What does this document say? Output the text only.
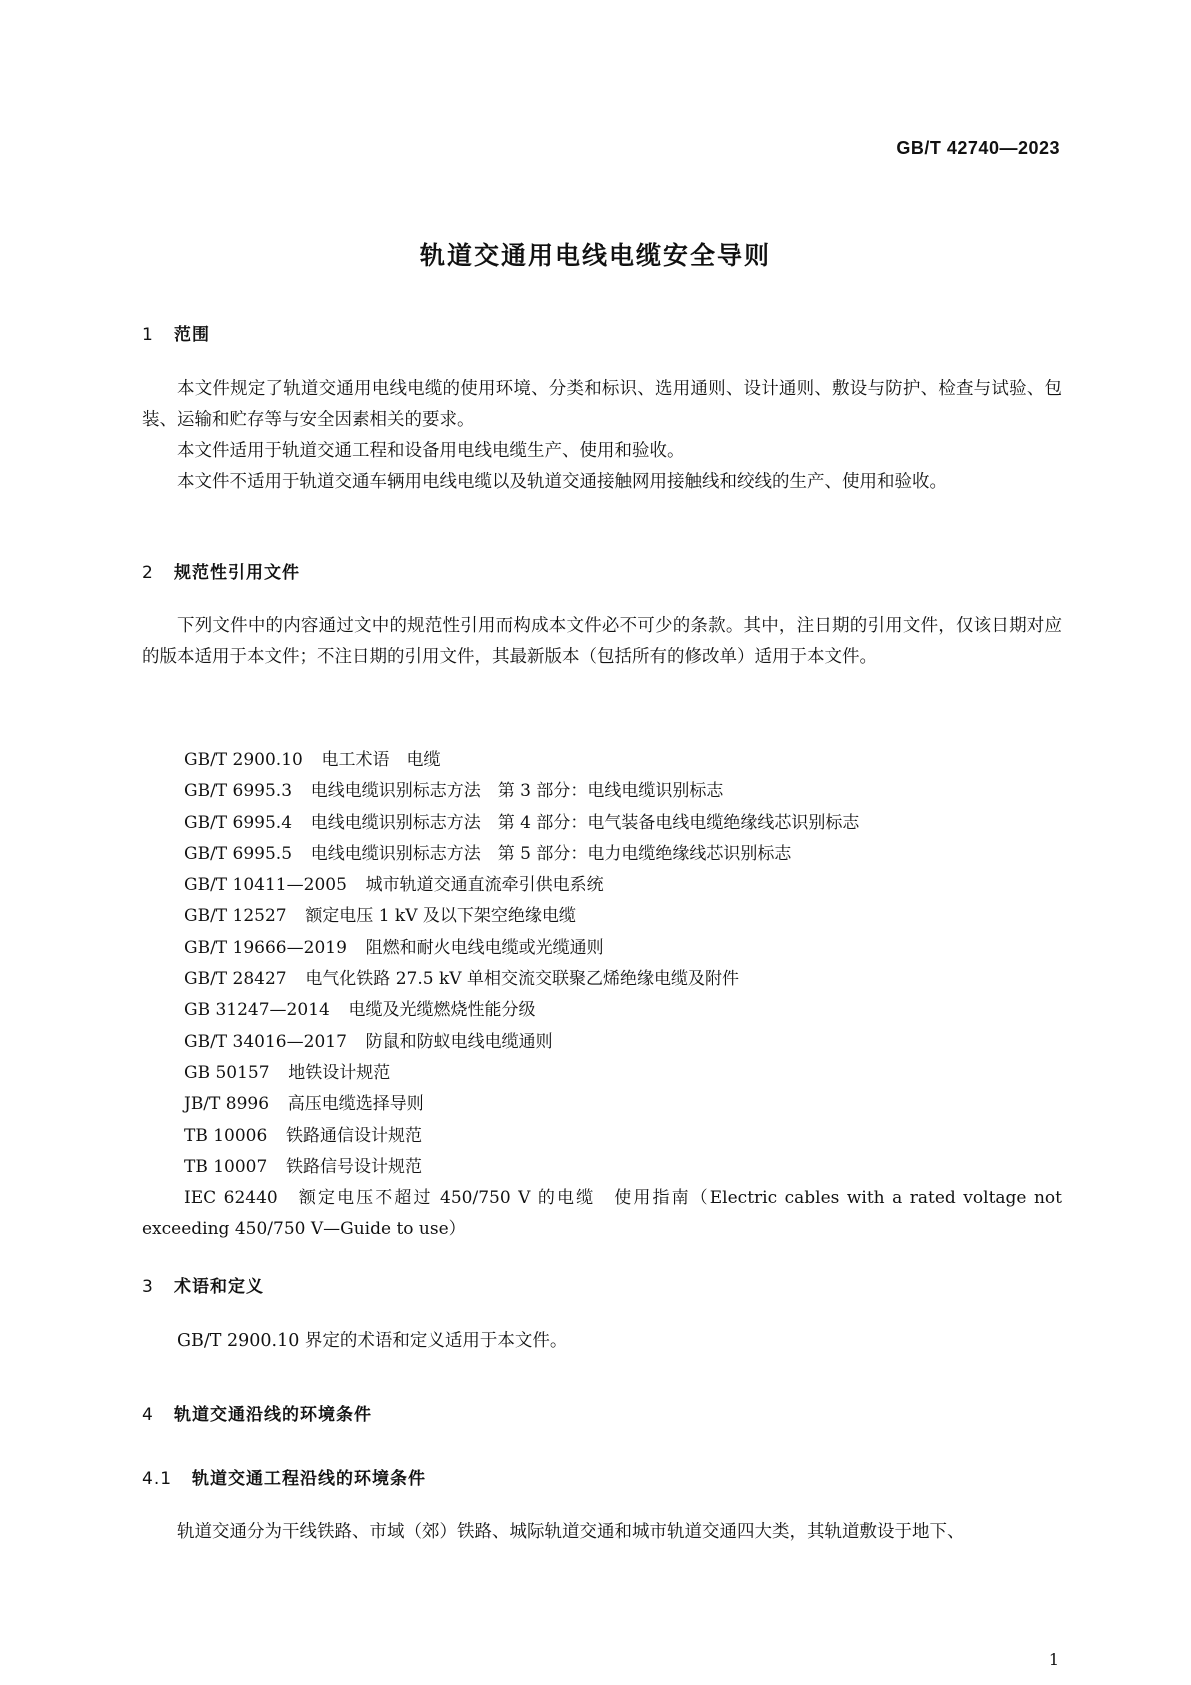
GB/T 42740—2023
轨道交通用电线电缆安全导则
1 范围
本文件规定了轨道交通用电线电缆的使用环境、分类和标识、选用通则、设计通则、敷设与防护、检查与试验、包装、运输和贮存等与安全因素相关的要求。
本文件适用于轨道交通工程和设备用电线电缆生产、使用和验收。
本文件不适用于轨道交通车辆用电线电缆以及轨道交通接触网用接触线和绞线的生产、使用和验收。
2 规范性引用文件
下列文件中的内容通过文中的规范性引用而构成本文件必不可少的条款。其中，注日期的引用文件，仅该日期对应的版本适用于本文件；不注日期的引用文件，其最新版本（包括所有的修改单）适用于本文件。
GB/T 2900.10 电工术语　电缆
GB/T 6995.3 电线电缆识别标志方法　第 3 部分：电线电缆识别标志
GB/T 6995.4 电线电缆识别标志方法　第 4 部分：电气装备电线电缆绝缘线芯识别标志
GB/T 6995.5 电线电缆识别标志方法　第 5 部分：电力电缆绝缘线芯识别标志
GB/T 10411—2005 城市轨道交通直流牵引供电系统
GB/T 12527 额定电压 1 kV 及以下架空绝缘电缆
GB/T 19666—2019 阻燃和耐火电线电缆或光缆通则
GB/T 28427 电气化铁路 27.5 kV 单相交流交联聚乙烯绝缘电缆及附件
GB 31247—2014 电缆及光缆燃烧性能分级
GB/T 34016—2017 防鼠和防蚁电线电缆通则
GB 50157 地铁设计规范
JB/T 8996 高压电缆选择导则
TB 10006 铁路通信设计规范
TB 10007 铁路信号设计规范
IEC 62440　额定电压不超过 450/750 V 的电缆　使用指南（Electric cables with a rated voltage not exceeding 450/750 V—Guide to use）
3 术语和定义
GB/T 2900.10 界定的术语和定义适用于本文件。
4 轨道交通沿线的环境条件
4.1 轨道交通工程沿线的环境条件
轨道交通分为干线铁路、市域（郊）铁路、城际轨道交通和城市轨道交通四大类，其轨道敷设于地下、
1
